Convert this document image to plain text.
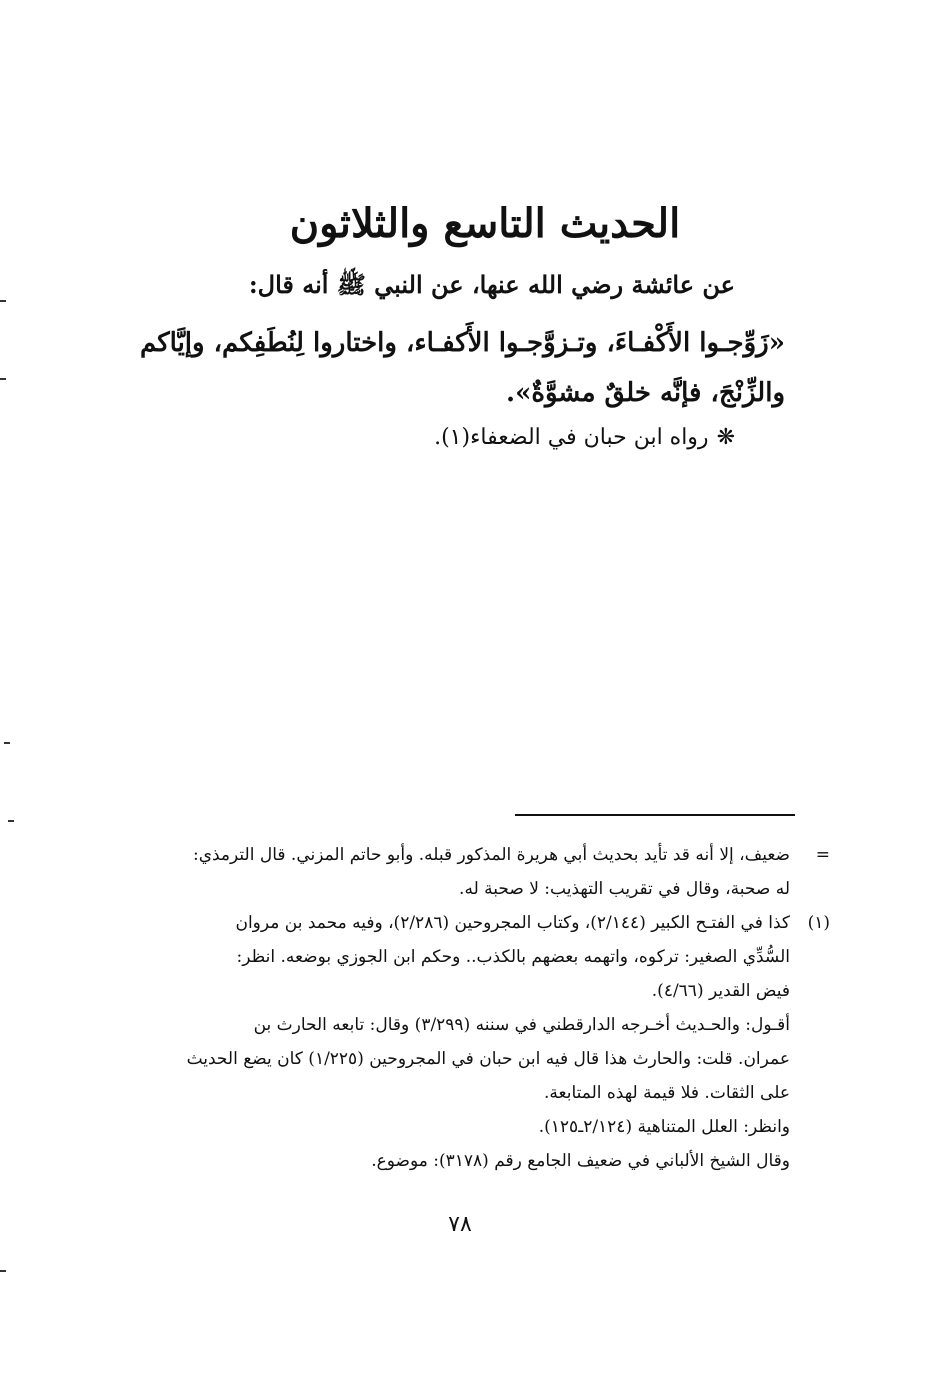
الحديث التاسع والثلاثون
عن عائشة رضي الله عنها، عن النبي ﷺ أنه قال:
«زَوِّجـوا الأَكْفـاءَ، وتـزوَّجـوا الأَكفـاء، واختاروا لِنُطَفِكم، وإيَّاكم
والزِّنْجَ، فإنَّه خلقٌ مشوَّةٌ».
❋رواه ابن حبان في الضعفاء(١).
=
ضعيف، إلا أنه قد تأيد بحديث أبي هريرة المذكور قبله. وأبو حاتم المزني. قال الترمذي:
له صحبة، وقال في تقريب التهذيب: لا صحبة له.
(١)
كذا في الفتـح الكبير (٢/١٤٤)، وكتاب المجروحين (٢/٢٨٦)، وفيه محمد بن مروان
السُّدِّي الصغير: تركوه، واتهمه بعضهم بالكذب.. وحكم ابن الجوزي بوضعه. انظر:
فيض القدير (٤/٦٦).
أقـول: والحـديث أخـرجه الدارقطني في سننه (٣/٢٩٩) وقال: تابعه الحارث بن
عمران. قلت: والحارث هذا قال فيه ابن حبان في المجروحين (١/٢٢٥) كان يضع الحديث
على الثقات. فلا قيمة لهذه المتابعة.
وانظر: العلل المتناهية (٢/١٢٤ـ١٢٥).
وقال الشيخ الألباني في ضعيف الجامع رقم (٣١٧٨): موضوع.
٧٨
